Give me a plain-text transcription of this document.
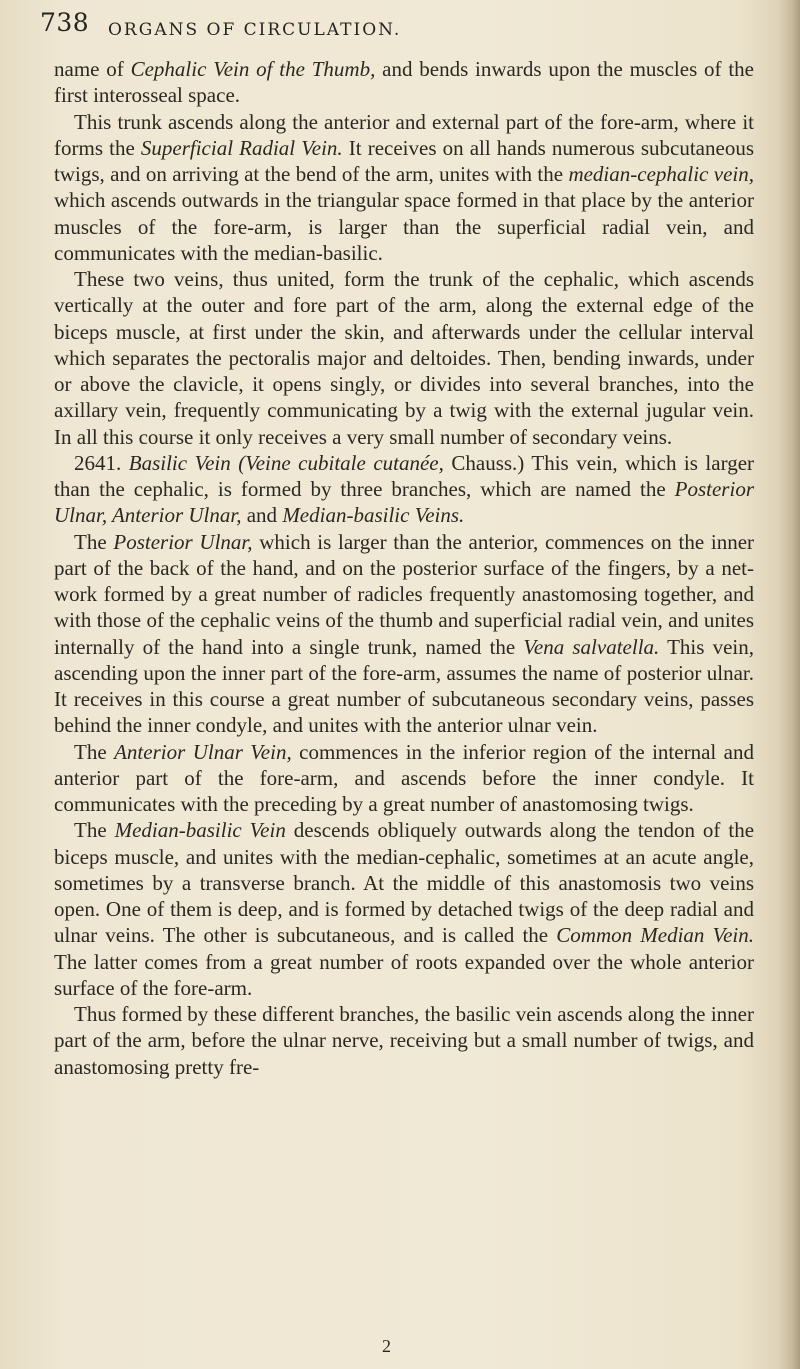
738 ORGANS OF CIRCULATION.

name of Cephalic Vein of the Thumb, and bends inwards upon the muscles of the first interosseal space.

This trunk ascends along the anterior and external part of the fore-arm, where it forms the Superficial Radial Vein. It receives on all hands numerous subcutaneous twigs, and on arriving at the bend of the arm, unites with the median-cephalic vein, which ascends outwards in the triangular space formed in that place by the anterior muscles of the fore-arm, is larger than the superficial radial vein, and communicates with the median-basilic.

These two veins, thus united, form the trunk of the cephalic, which ascends vertically at the outer and fore part of the arm, along the external edge of the biceps muscle, at first under the skin, and afterwards under the cellular interval which separates the pectoralis major and deltoides. Then, bending inwards, under or above the clavicle, it opens singly, or divides into several branches, into the axillary vein, frequently communicating by a twig with the external jugular vein. In all this course it only receives a very small number of secondary veins.

2641. Basilic Vein (Veine cubitale cutanée, Chauss.) This vein, which is larger than the cephalic, is formed by three branches, which are named the Posterior Ulnar, Anterior Ulnar, and Median-basilic Veins.

The Posterior Ulnar, which is larger than the anterior, commences on the inner part of the back of the hand, and on the posterior surface of the fingers, by a net-work formed by a great number of radicles frequently anastomosing together, and with those of the cephalic veins of the thumb and superficial radial vein, and unites internally of the hand into a single trunk, named the Vena salvatella. This vein, ascending upon the inner part of the fore-arm, assumes the name of posterior ulnar. It receives in this course a great number of subcutaneous secondary veins, passes behind the inner condyle, and unites with the anterior ulnar vein.

The Anterior Ulnar Vein, commences in the inferior region of the internal and anterior part of the fore-arm, and ascends before the inner condyle. It communicates with the preceding by a great number of anastomosing twigs.

The Median-basilic Vein descends obliquely outwards along the tendon of the biceps muscle, and unites with the median-cephalic, sometimes at an acute angle, sometimes by a transverse branch. At the middle of this anastomosis two veins open. One of them is deep, and is formed by detached twigs of the deep radial and ulnar veins. The other is subcutaneous, and is called the Common Median Vein. The latter comes from a great number of roots expanded over the whole anterior surface of the fore-arm.

Thus formed by these different branches, the basilic vein ascends along the inner part of the arm, before the ulnar nerve, receiving but a small number of twigs, and anastomosing pretty fre-

2
